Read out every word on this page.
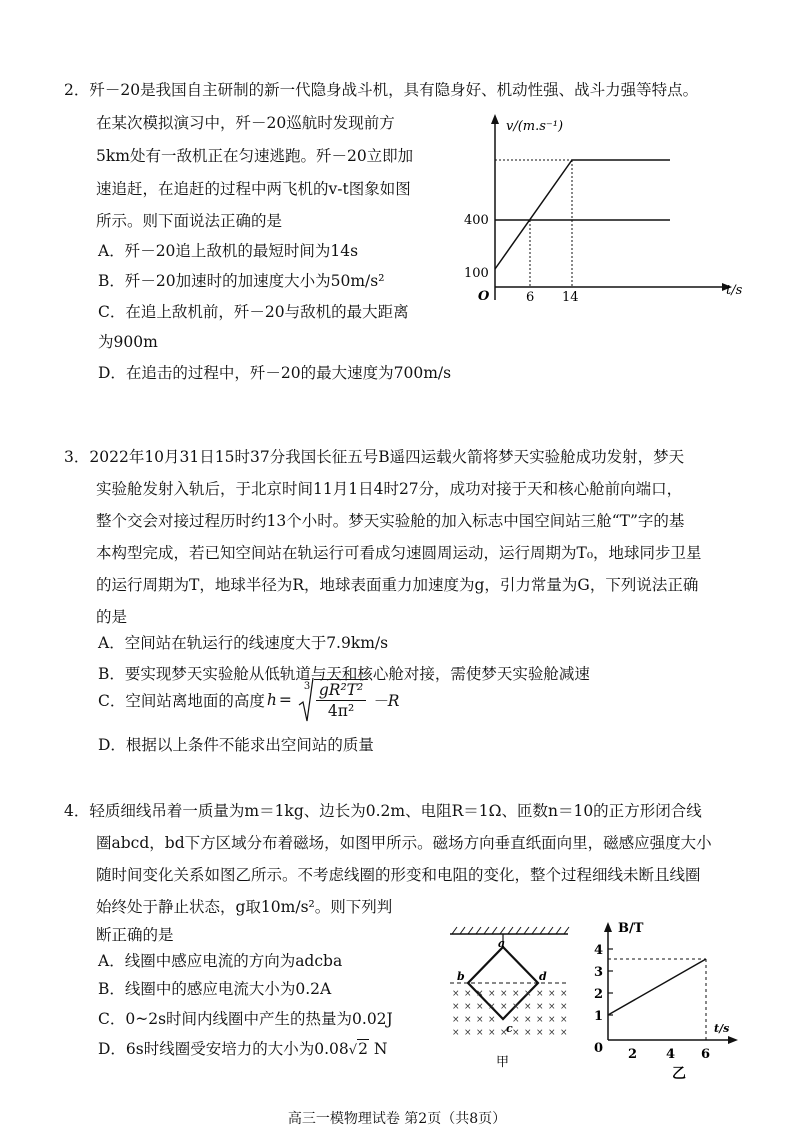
2．歼－20是我国自主研制的新一代隐身战斗机，具有隐身好、机动性强、战斗力强等特点。
在某次模拟演习中，歼－20巡航时发现前方
5km处有一敌机正在匀速逃跑。歼－20立即加
速追赶，在追赶的过程中两飞机的v-t图象如图
所示。则下面说法正确的是
A．歼－20追上敌机的最短时间为14s
B．歼－20加速时的加速度大小为50m/s²
C．在追上敌机前，歼－20与敌机的最大距离
为900m
D．在追击的过程中，歼－20的最大速度为700m/s
v/(m.s⁻¹)
t/s
O
100
400
6 14
3．2022年10月31日15时37分我国长征五号B遥四运载火箭将梦天实验舱成功发射，梦天
实验舱发射入轨后，于北京时间11月1日4时27分，成功对接于天和核心舱前向端口，
整个交会对接过程历时约13个小时。梦天实验舱的加入标志中国空间站三舱“T”字的基
本构型完成，若已知空间站在轨运行可看成匀速圆周运动，运行周期为T₀，地球同步卫星
的运行周期为T，地球半径为R，地球表面重力加速度为g，引力常量为G，下列说法正确
的是
A．空间站在轨运行的线速度大于7.9km/s
B．要实现梦天实验舱从低轨道与天和核心舱对接，需使梦天实验舱减速
C．空间站离地面的高度 h =
$3 \frac{\text{gR²T²}}{\text{4π²}} -R$
D．根据以上条件不能求出空间站的质量
4．轻质细线吊着一质量为m＝1kg、边长为0.2m、电阻R＝1Ω、匝数n＝10的正方形闭合线
圈abcd，bd下方区域分布着磁场，如图甲所示。磁场方向垂直纸面向里，磁感应强度大小
随时间变化关系如图乙所示。不考虑线圈的形变和电阻的变化，整个过程细线未断且线圈
始终处于静止状态，g取10m/s²。则下列判
断正确的是
A．线圈中感应电流的方向为adcba
B．线圈中的感应电流大小为0.2A
C．0~2s时间内线圈中产生的热量为0.02J
D．6s时线圈受安培力的大小为0.08√2 N
× × × × × × × × × ×
× × × × × × × × × ×
× × × × × × × × ×
× × × × × × × × × ×
a
b	d
c
甲
B/T
t/s
0
1
2
3
4
2 4 6
乙
高三一模物理试卷 第2页（共8页）
